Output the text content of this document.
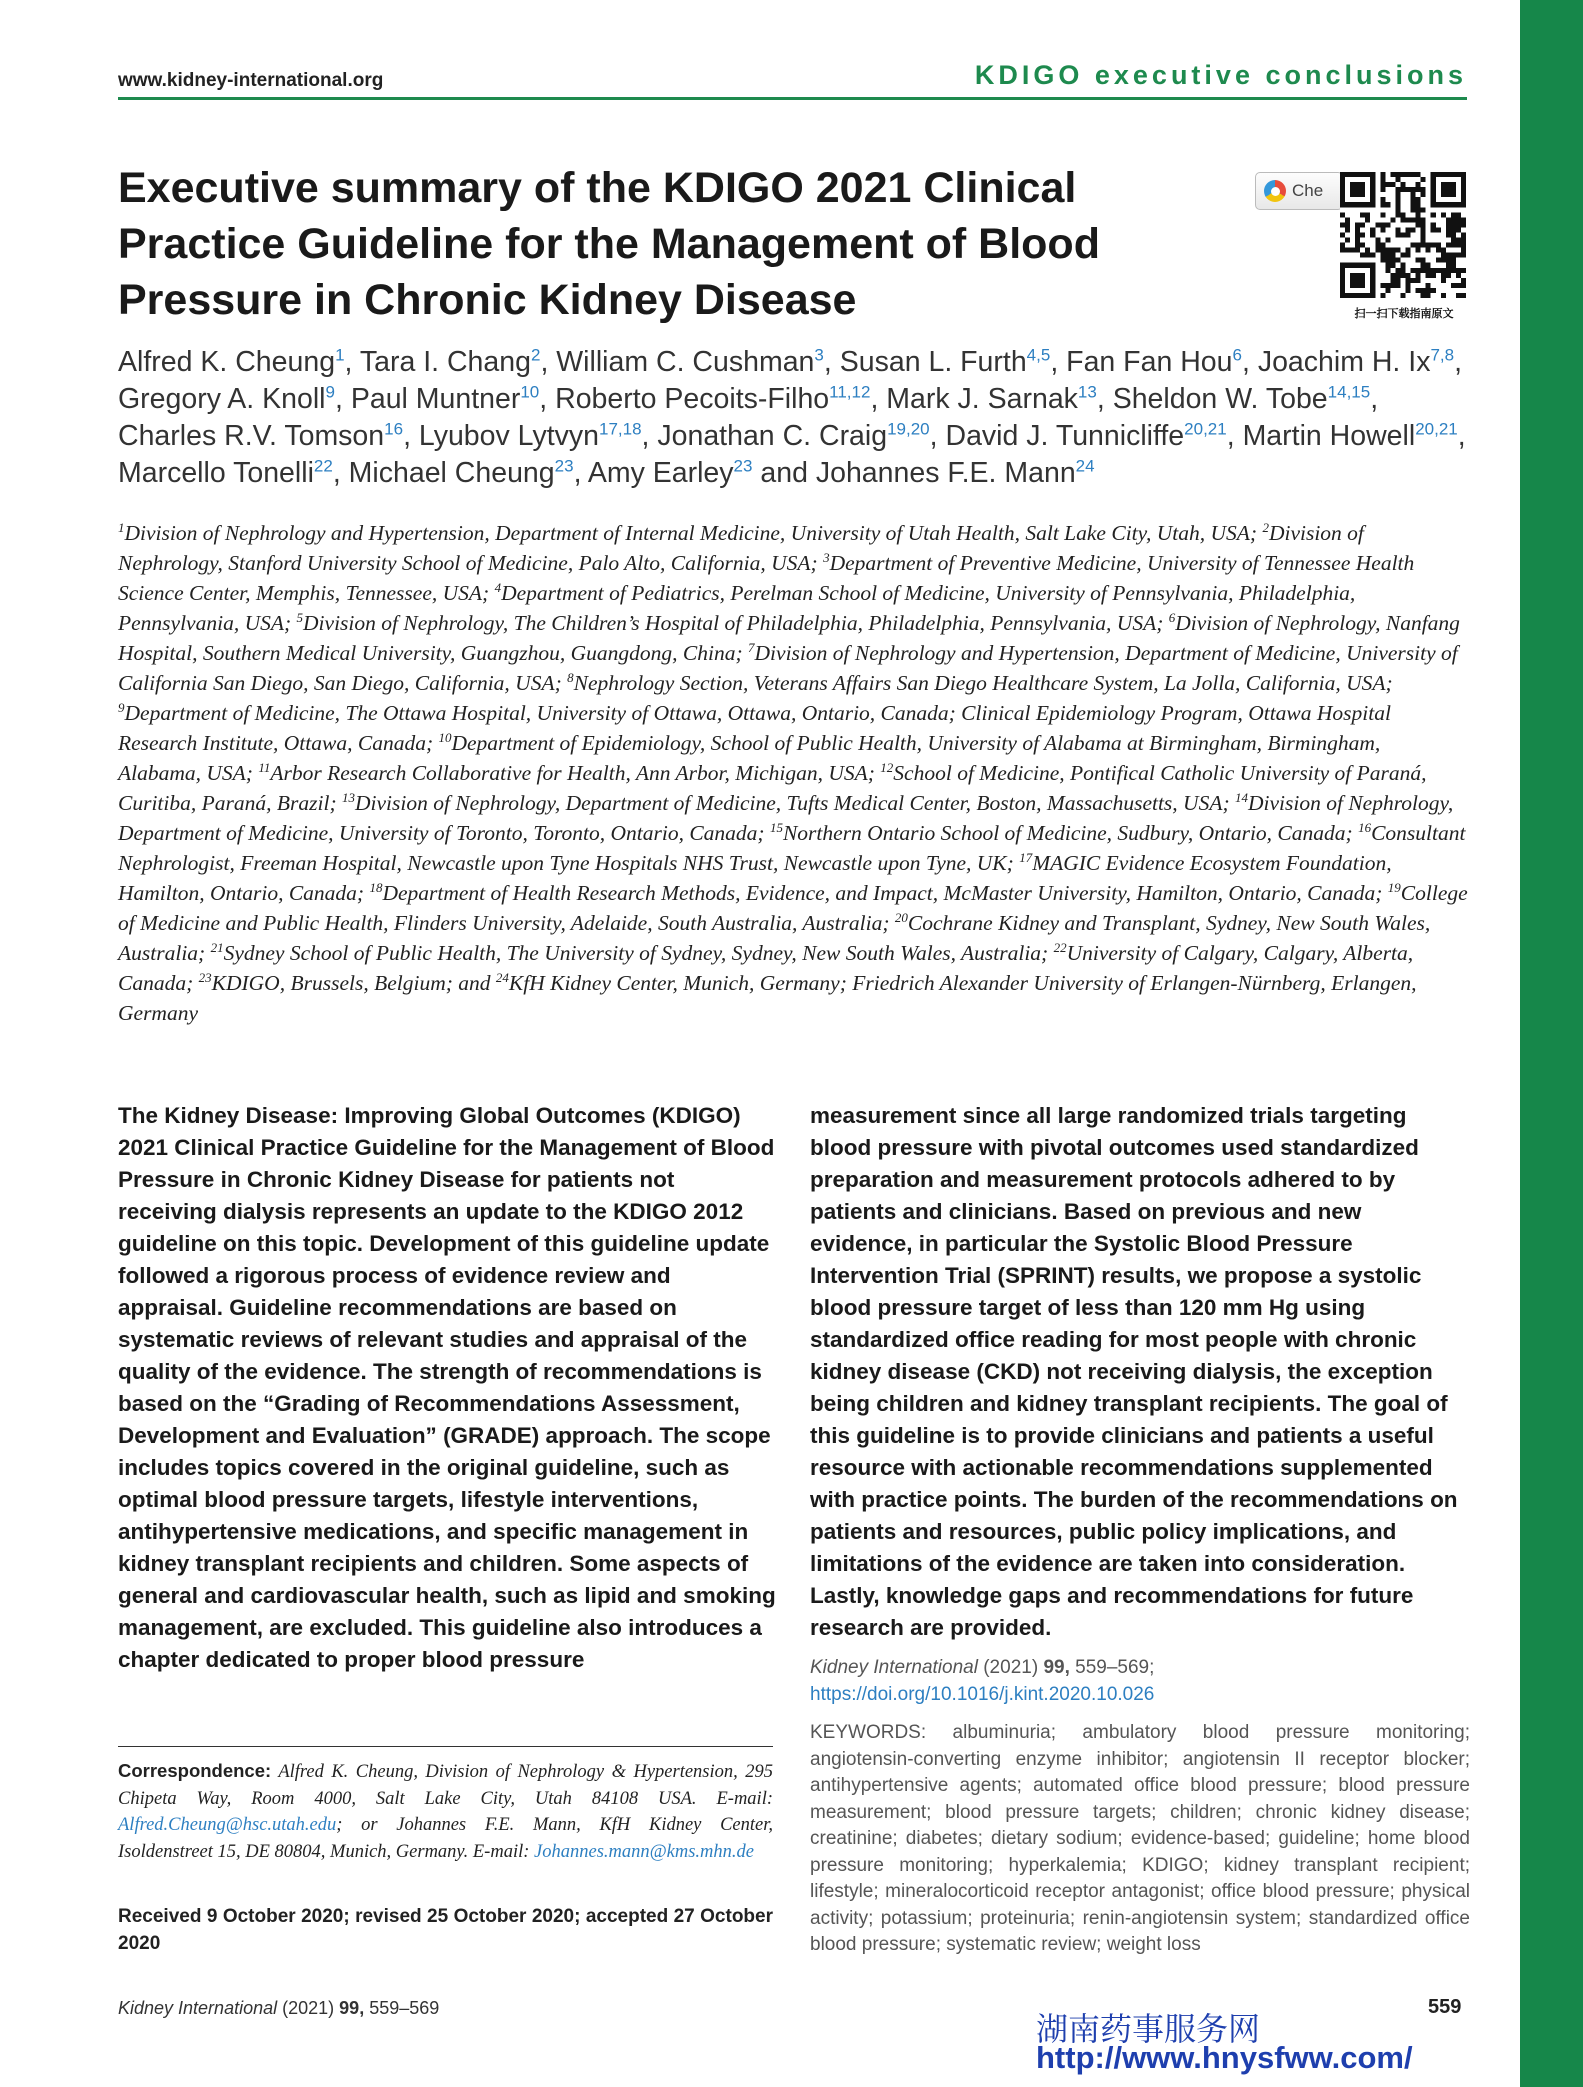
www.kidney-international.org	KDIGO executive conclusions
Executive summary of the KDIGO 2021 Clinical Practice Guideline for the Management of Blood Pressure in Chronic Kidney Disease
Che
扫一扫下载指南原文
Alfred K. Cheung$^1$, Tara I. Chang$^2$, William C. Cushman$^3$, Susan L. Furth$^{4,5}$, Fan Fan Hou$^6$, Joachim H. Ix$^{7,8}$, Gregory A. Knoll$^9$, Paul Muntner$^{10}$, Roberto Pecoits-Filho$^{11,12}$, Mark J. Sarnak$^{13}$, Sheldon W. Tobe$^{14,15}$, Charles R.V. Tomson$^{16}$, Lyubov Lytvyn$^{17,18}$, Jonathan C. Craig$^{19,20}$, David J. Tunnicliffe$^{20,21}$, Martin Howell$^{20,21}$, Marcello Tonelli$^{22}$, Michael Cheung$^{23}$, Amy Earley$^{23}$ and Johannes F.E. Mann$^{24}$
$^1$Division of Nephrology and Hypertension, Department of Internal Medicine, University of Utah Health, Salt Lake City, Utah, USA; $^2$Division of Nephrology, Stanford University School of Medicine, Palo Alto, California, USA; $^3$Department of Preventive Medicine, University of Tennessee Health Science Center, Memphis, Tennessee, USA; $^4$Department of Pediatrics, Perelman School of Medicine, University of Pennsylvania, Philadelphia, Pennsylvania, USA; $^5$Division of Nephrology, The Children’s Hospital of Philadelphia, Philadelphia, Pennsylvania, USA; $^6$Division of Nephrology, Nanfang Hospital, Southern Medical University, Guangzhou, Guangdong, China; $^7$Division of Nephrology and Hypertension, Department of Medicine, University of California San Diego, San Diego, California, USA; $^8$Nephrology Section, Veterans Affairs San Diego Healthcare System, La Jolla, California, USA; $^9$Department of Medicine, The Ottawa Hospital, University of Ottawa, Ottawa, Ontario, Canada; Clinical Epidemiology Program, Ottawa Hospital Research Institute, Ottawa, Canada; $^{10}$Department of Epidemiology, School of Public Health, University of Alabama at Birmingham, Birmingham, Alabama, USA; $^{11}$Arbor Research Collaborative for Health, Ann Arbor, Michigan, USA; $^{12}$School of Medicine, Pontifical Catholic University of Paraná, Curitiba, Paraná, Brazil; $^{13}$Division of Nephrology, Department of Medicine, Tufts Medical Center, Boston, Massachusetts, USA; $^{14}$Division of Nephrology, Department of Medicine, University of Toronto, Toronto, Ontario, Canada; $^{15}$Northern Ontario School of Medicine, Sudbury, Ontario, Canada; $^{16}$Consultant Nephrologist, Freeman Hospital, Newcastle upon Tyne Hospitals NHS Trust, Newcastle upon Tyne, UK; $^{17}$MAGIC Evidence Ecosystem Foundation, Hamilton, Ontario, Canada; $^{18}$Department of Health Research Methods, Evidence, and Impact, McMaster University, Hamilton, Ontario, Canada; $^{19}$College of Medicine and Public Health, Flinders University, Adelaide, South Australia, Australia; $^{20}$Cochrane Kidney and Transplant, Sydney, New South Wales, Australia; $^{21}$Sydney School of Public Health, The University of Sydney, Sydney, New South Wales, Australia; $^{22}$University of Calgary, Calgary, Alberta, Canada; $^{23}$KDIGO, Brussels, Belgium; and $^{24}$KfH Kidney Center, Munich, Germany; Friedrich Alexander University of Erlangen-Nürnberg, Erlangen, Germany
The Kidney Disease: Improving Global Outcomes (KDIGO) 2021 Clinical Practice Guideline for the Management of Blood Pressure in Chronic Kidney Disease for patients not receiving dialysis represents an update to the KDIGO 2012 guideline on this topic. Development of this guideline update followed a rigorous process of evidence review and appraisal. Guideline recommendations are based on systematic reviews of relevant studies and appraisal of the quality of the evidence. The strength of recommendations is based on the “Grading of Recommendations Assessment, Development and Evaluation” (GRADE) approach. The scope includes topics covered in the original guideline, such as optimal blood pressure targets, lifestyle interventions, antihypertensive medications, and specific management in kidney transplant recipients and children. Some aspects of general and cardiovascular health, such as lipid and smoking management, are excluded. This guideline also introduces a chapter dedicated to proper blood pressure
measurement since all large randomized trials targeting blood pressure with pivotal outcomes used standardized preparation and measurement protocols adhered to by patients and clinicians. Based on previous and new evidence, in particular the Systolic Blood Pressure Intervention Trial (SPRINT) results, we propose a systolic blood pressure target of less than 120 mm Hg using standardized office reading for most people with chronic kidney disease (CKD) not receiving dialysis, the exception being children and kidney transplant recipients. The goal of this guideline is to provide clinicians and patients a useful resource with actionable recommendations supplemented with practice points. The burden of the recommendations on patients and resources, public policy implications, and limitations of the evidence are taken into consideration. Lastly, knowledge gaps and recommendations for future research are provided.
Kidney International (2021) 99, 559–569; https://doi.org/10.1016/j.kint.2020.10.026
KEYWORDS: albuminuria; ambulatory blood pressure monitoring; angiotensin-converting enzyme inhibitor; angiotensin II receptor blocker; antihypertensive agents; automated office blood pressure; blood pressure measurement; blood pressure targets; children; chronic kidney disease; creatinine; diabetes; dietary sodium; evidence-based; guideline; home blood pressure monitoring; hyperkalemia; KDIGO; kidney transplant recipient; lifestyle; mineralocorticoid receptor antagonist; office blood pressure; physical activity; potassium; proteinuria; renin-angiotensin system; standardized office blood pressure; systematic review; weight loss
Correspondence: Alfred K. Cheung, Division of Nephrology & Hypertension, 295 Chipeta Way, Room 4000, Salt Lake City, Utah 84108 USA. E-mail: Alfred.Cheung@hsc.utah.edu; or Johannes F.E. Mann, KfH Kidney Center, Isoldenstreet 15, DE 80804, Munich, Germany. E-mail: Johannes.mann@kms.mhn.de
Received 9 October 2020; revised 25 October 2020; accepted 27 October 2020
Kidney International (2021) 99, 559–569	559
湖南药事服务网
http://www.hnysfww.com/
